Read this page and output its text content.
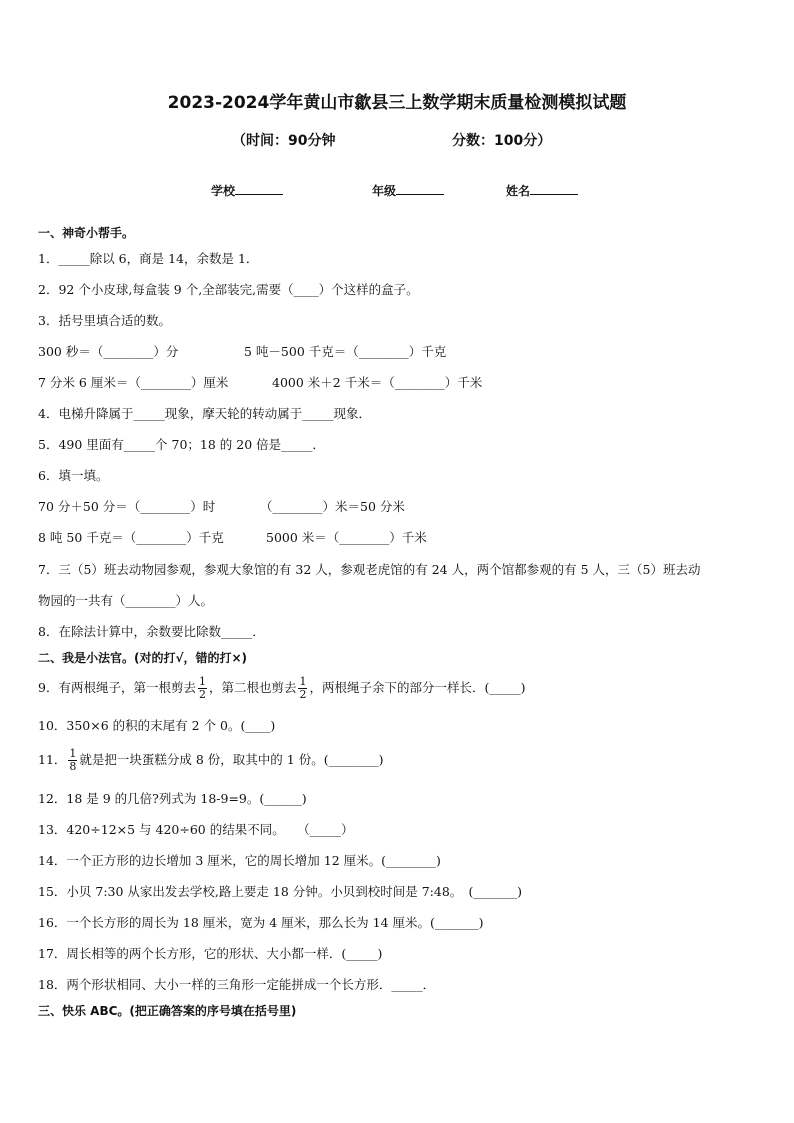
2023-2024学年黄山市歙县三上数学期末质量检测模拟试题
（时间：90分钟	分数：100分）
学校	年级	姓名
一、神奇小帮手。
1．_____除以 6，商是 14，余数是 1．
2．92 个小皮球,每盒装 9 个,全部装完,需要（____）个这样的盒子。
3．括号里填合适的数。
300 秒＝（________）分	5 吨－500 千克＝（________）千克
7 分米 6 厘米＝（________）厘米	4000 米＋2 千米＝（________）千米
4．电梯升降属于_____现象，摩天轮的转动属于_____现象．
5．490 里面有_____个 70；18 的 20 倍是_____．
6．填一填。
70 分＋50 分＝（________）时	（________）米＝50 分米
8 吨 50 千克＝（________）千克	5000 米＝（________）千米
7．三（5）班去动物园参观，参观大象馆的有 32 人，参观老虎馆的有 24 人，两个馆都参观的有 5 人，三（5）班去动
物园的一共有（________）人。
8．在除法计算中，余数要比除数_____．
二、我是小法官。(对的打√，错的打×)
9．有两根绳子，第一根剪去 $\frac{1}{2}$ ，第二根也剪去 $\frac{1}{2}$ ，两根绳子余下的部分一样长．(_____)
10．350×6 的积的末尾有 2 个 0。(____)
11． $\frac{1}{8}$ 就是把一块蛋糕分成 8 份，取其中的 1 份。(________)
12．18 是 9 的几倍?列式为 18-9=9。(______)
13．420÷12×5 与 420÷60 的结果不同。　　（_____）
14．一个正方形的边长增加 3 厘米，它的周长增加 12 厘米。(________)
15．小贝 7:30 从家出发去学校,路上要走 18 分钟。小贝到校时间是 7:48。　(_______)
16．一个长方形的周长为 18 厘米，宽为 4 厘米，那么长为 14 厘米。(_______)
17．周长相等的两个长方形，它的形状、大小都一样．(_____)
18．两个形状相同、大小一样的三角形一定能拼成一个长方形．_____．
三、快乐 ABC。(把正确答案的序号填在括号里)
